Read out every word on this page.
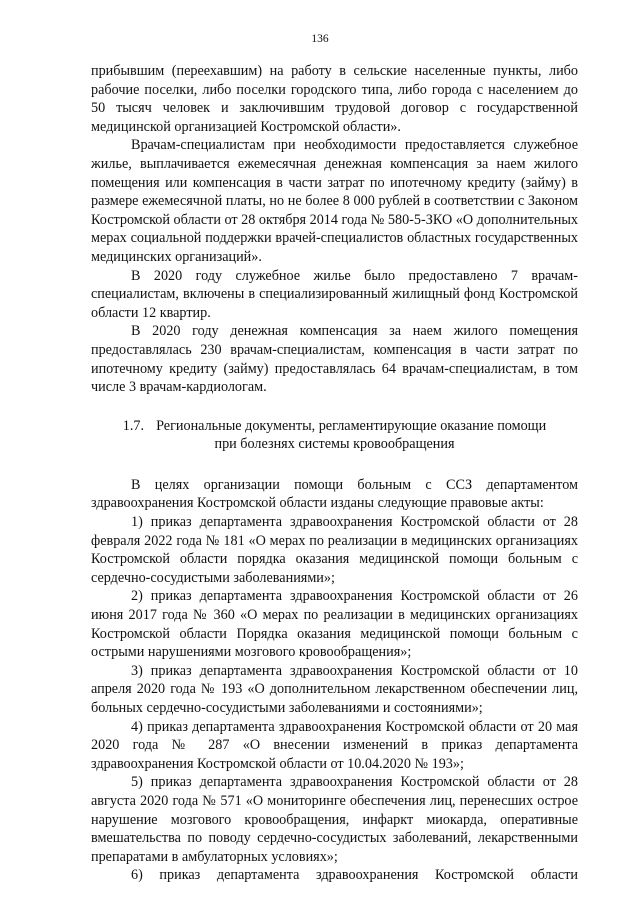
136

прибывшим (переехавшим) на работу в сельские населенные пункты, либо рабочие поселки, либо поселки городского типа, либо города с населением до 50 тысяч человек и заключившим трудовой договор с государственной медицинской организацией Костромской области».

Врачам-специалистам при необходимости предоставляется служебное жилье, выплачивается ежемесячная денежная компенсация за наем жилого помещения или компенсация в части затрат по ипотечному кредиту (займу) в размере ежемесячной платы, но не более 8 000 рублей в соответствии с Законом Костромской области от 28 октября 2014 года № 580-5-ЗКО «О дополнительных мерах социальной поддержки врачей-специалистов областных государственных медицинских организаций».

В 2020 году служебное жилье было предоставлено 7 врачам-специалистам, включены в специализированный жилищный фонд Костромской области 12 квартир.

В 2020 году денежная компенсация за наем жилого помещения предоставлялась 230 врачам-специалистам, компенсация в части затрат по ипотечному кредиту (займу) предоставлялась 64 врачам-специалистам, в том числе 3 врачам-кардиологам.

1.7. Региональные документы, регламентирующие оказание помощи
при болезнях системы кровообращения

В целях организации помощи больным с ССЗ департаментом здравоохранения Костромской области изданы следующие правовые акты:

1) приказ департамента здравоохранения Костромской области от 28 февраля 2022 года № 181 «О мерах по реализации в медицинских организациях Костромской области порядка оказания медицинской помощи больным с сердечно-сосудистыми заболеваниями»;

2) приказ департамента здравоохранения Костромской области от 26 июня 2017 года № 360 «О мерах по реализации в медицинских организациях Костромской области Порядка оказания медицинской помощи больным с острыми нарушениями мозгового кровообращения»;

3) приказ департамента здравоохранения Костромской области от 10 апреля 2020 года № 193 «О дополнительном лекарственном обеспечении лиц, больных сердечно-сосудистыми заболеваниями и состояниями»;

4) приказ департамента здравоохранения Костромской области от 20 мая 2020 года № 287 «О внесении изменений в приказ департамента здравоохранения Костромской области от 10.04.2020 № 193»;

5) приказ департамента здравоохранения Костромской области от 28 августа 2020 года № 571 «О мониторинге обеспечения лиц, перенесших острое нарушение мозгового кровообращения, инфаркт миокарда, оперативные вмешательства по поводу сердечно-сосудистых заболеваний, лекарственными препаратами в амбулаторных условиях»;

6) приказ департамента здравоохранения Костромской области
